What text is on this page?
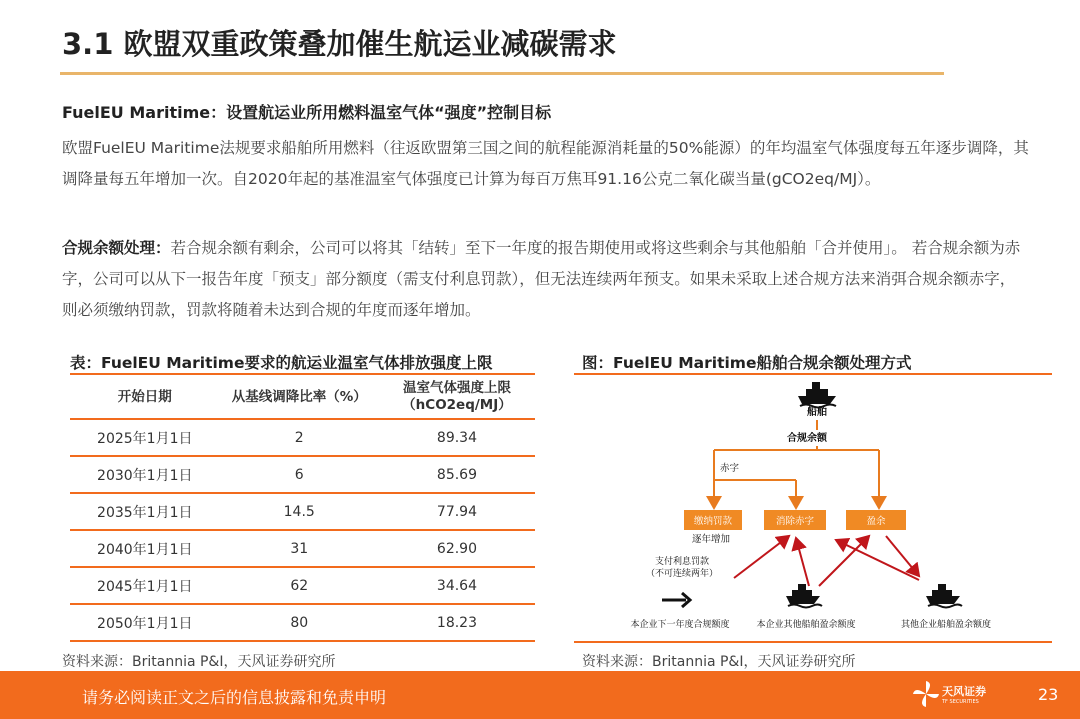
3.1 欧盟双重政策叠加催生航运业减碳需求
FuelEU Maritime：设置航运业所用燃料温室气体“强度”控制目标
欧盟FuelEU Maritime法规要求船舶所用燃料（往返欧盟第三国之间的航程能源消耗量的50%能源）的年均温室气体强度每五年逐步调降，其调降量每五年增加一次。自2020年起的基准温室气体强度已计算为每百万焦耳91.16公克二氧化碳当量(gCO2eq/MJ）。
合规余额处理：若合规余额有剩余，公司可以将其「结转」至下一年度的报告期使用或将这些剩余与其他船舶「合并使用」。 若合规余额为赤字，公司可以从下一报告年度「预支」部分额度（需支付利息罚款），但无法连续两年预支。如果未采取上述合规方法来消弭合规余额赤字，则必须缴纳罚款，罚款将随着未达到合规的年度而逐年增加。
表：FuelEU Maritime要求的航运业温室气体排放强度上限
开始日期	从基线调降比率（%）	温室气体强度上限（hCO2eq/MJ）
2025年1月1日	2	89.34
2030年1月1日	6	85.69
2035年1月1日	14.5	77.94
2040年1月1日	31	62.90
2045年1月1日	62	34.64
2050年1月1日	80	18.23
资料来源：Britannia P&I，天风证券研究所
图：FuelEU Maritime船舶合规余额处理方式
船舶
合规余额
赤字
缴纳罚款	消除赤字	盈余
逐年增加
支付利息罚款
（不可连续两年）
本企业下一年度合规额度	本企业其他船舶盈余额度	其他企业船舶盈余额度
资料来源：Britannia P&I，天风证券研究所
请务必阅读正文之后的信息披露和免责申明	天风证券
TF SECURITIES	23
